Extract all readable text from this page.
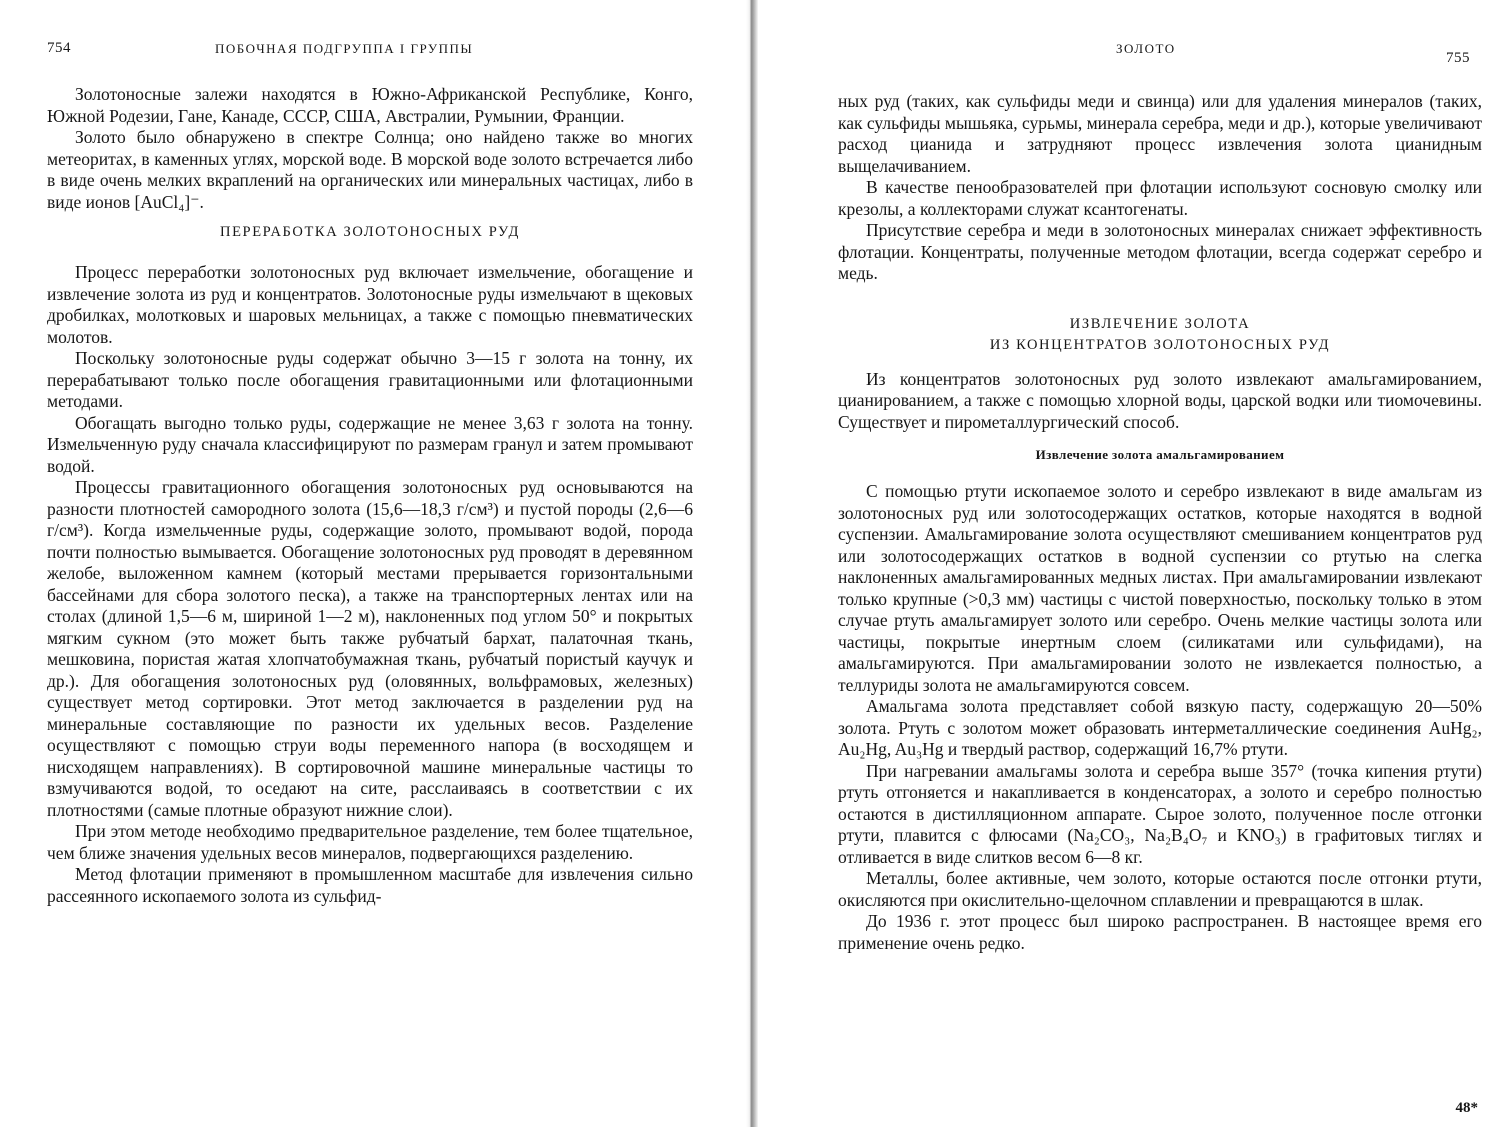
754	ПОБОЧНАЯ ПОДГРУППА I ГРУППЫ

Золотоносные залежи находятся в Южно-Африканской Республике, Конго, Южной Родезии, Гане, Канаде, СССР, США, Австралии, Румынии, Франции.

Золото было обнаружено в спектре Солнца; оно найдено также во многих метеоритах, в каменных углях, морской воде. В морской воде золото встречается либо в виде очень мелких вкраплений на органических или минеральных частицах, либо в виде ионов [AuCl₄]⁻.

ПЕРЕРАБОТКА ЗОЛОТОНОСНЫХ РУД

Процесс переработки золотоносных руд включает измельчение, обогащение и извлечение золота из руд и концентратов. Золотоносные руды измельчают в щековых дробилках, молотковых и шаровых мельницах, а также с помощью пневматических молотов.

Поскольку золотоносные руды содержат обычно 3—15 г золота на тонну, их перерабатывают только после обогащения гравитационными или флотационными методами.

Обогащать выгодно только руды, содержащие не менее 3,63 г золота на тонну. Измельченную руду сначала классифицируют по размерам гранул и затем промывают водой.

Процессы гравитационного обогащения золотоносных руд основываются на разности плотностей самородного золота (15,6—18,3 г/см³) и пустой породы (2,6—6 г/см³). Когда измельченные руды, содержащие золото, промывают водой, порода почти полностью вымывается. Обогащение золотоносных руд проводят в деревянном желобе, выложенном камнем (который местами прерывается горизонтальными бассейнами для сбора золотого песка), а также на транспортерных лентах или на столах (длиной 1,5—6 м, шириной 1—2 м), наклоненных под углом 50° и покрытых мягким сукном (это может быть также рубчатый бархат, палаточная ткань, мешковина, пористая жатая хлопчатобумажная ткань, рубчатый пористый каучук и др.). Для обогащения золотоносных руд (оловянных, вольфрамовых, железных) существует метод сортировки. Этот метод заключается в разделении руд на минеральные составляющие по разности их удельных весов. Разделение осуществляют с помощью струи воды переменного напора (в восходящем и нисходящем направлениях). В сортировочной машине минеральные частицы то взмучиваются водой, то оседают на сите, расслаиваясь в соответствии с их плотностями (самые плотные образуют нижние слои).

При этом методе необходимо предварительное разделение, тем более тщательное, чем ближе значения удельных весов минералов, подвергающихся разделению.

Метод флотации применяют в промышленном масштабе для извлечения сильно рассеянного ископаемого золота из сульфид-

ЗОЛОТО
755

ных руд (таких, как сульфиды меди и свинца) или для удаления минералов (таких, как сульфиды мышьяка, сурьмы, минерала серебра, меди и др.), которые увеличивают расход цианида и затрудняют процесс извлечения золота цианидным выщелачиванием.

В качестве пенообразователей при флотации используют сосновую смолку или крезолы, а коллекторами служат ксантогенаты.

Присутствие серебра и меди в золотоносных минералах снижает эффективность флотации. Концентраты, полученные методом флотации, всегда содержат серебро и медь.

ИЗВЛЕЧЕНИЕ ЗОЛОТА

ИЗ КОНЦЕНТРАТОВ ЗОЛОТОНОСНЫХ РУД

Из концентратов золотоносных руд золото извлекают амальгамированием, цианированием, а также с помощью хлорной воды, царской водки или тиомочевины. Существует и пирометаллургический способ.

Извлечение золота амальгамированием

С помощью ртути ископаемое золото и серебро извлекают в виде амальгам из золотоносных руд или золотосодержащих остатков, которые находятся в водной суспензии. Амальгамирование золота осуществляют смешиванием концентратов руд или золотосодержащих остатков в водной суспензии со ртутью на слегка наклоненных амальгамированных медных листах. При амальгамировании извлекают только крупные (>0,3 мм) частицы с чистой поверхностью, поскольку только в этом случае ртуть амальгамирует золото или серебро. Очень мелкие частицы золота или частицы, покрытые инертным слоем (силикатами или сульфидами), на амальгамируются. При амальгамировании золото не извлекается полностью, а теллуриды золота не амальгамируются совсем.

Амальгама золота представляет собой вязкую пасту, содержащую 20—50% золота. Ртуть с золотом может образовать интерметаллические соединения AuHg₂, Au₂Hg, Au₃Hg и твердый раствор, содержащий 16,7% ртути.

При нагревании амальгамы золота и серебра выше 357° (точка кипения ртути) ртуть отгоняется и накапливается в конденсаторах, а золото и серебро полностью остаются в дистилляционном аппарате. Сырое золото, полученное после отгонки ртути, плавится с флюсами (Na₂CO₃, Na₂B₄O₇ и KNO₃) в графитовых тиглях и отливается в виде слитков весом 6—8 кг.

Металлы, более активные, чем золото, которые остаются после отгонки ртути, окисляются при окислительно-щелочном сплавлении и превращаются в шлак.

До 1936 г. этот процесс был широко распространен. В настоящее время его применение очень редко.

48*
